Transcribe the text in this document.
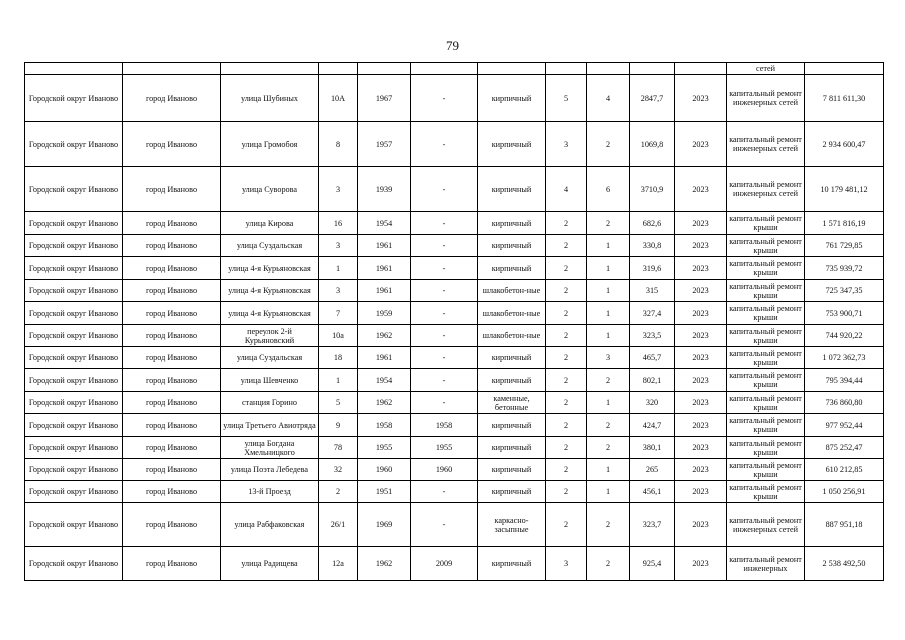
79
											сетей	
Городской округ Иваново	город Иваново	улица Шубиных	10А	1967	-	кирпичный	5	4	2847,7	2023	капитальный ремонт инженерных сетей	7 811 611,30
Городской округ Иваново	город Иваново	улица Громобоя	8	1957	-	кирпичный	3	2	1069,8	2023	капитальный ремонт инженерных сетей	2 934 600,47
Городской округ Иваново	город Иваново	улица Суворова	3	1939	-	кирпичный	4	6	3710,9	2023	капитальный ремонт инженерных сетей	10 179 481,12
Городской округ Иваново	город Иваново	улица Кирова	16	1954	-	кирпичный	2	2	682,6	2023	капитальный ремонт крыши	1 571 816,19
Городской округ Иваново	город Иваново	улица Суздальская	3	1961	-	кирпичный	2	1	330,8	2023	капитальный ремонт крыши	761 729,85
Городской округ Иваново	город Иваново	улица 4-я Курьяновская	1	1961	-	кирпичный	2	1	319,6	2023	капитальный ремонт крыши	735 939,72
Городской округ Иваново	город Иваново	улица 4-я Курьяновская	3	1961	-	шлакобетон-ные	2	1	315	2023	капитальный ремонт крыши	725 347,35
Городской округ Иваново	город Иваново	улица 4-я Курьяновская	7	1959	-	шлакобетон-ные	2	1	327,4	2023	капитальный ремонт крыши	753 900,71
Городской округ Иваново	город Иваново	переулок 2-й Курьяновский	10а	1962	-	шлакобетон-ные	2	1	323,5	2023	капитальный ремонт крыши	744 920,22
Городской округ Иваново	город Иваново	улица Суздальская	18	1961	-	кирпичный	2	3	465,7	2023	капитальный ремонт крыши	1 072 362,73
Городской округ Иваново	город Иваново	улица Шевченко	1	1954	-	кирпичный	2	2	802,1	2023	капитальный ремонт крыши	795 394,44
Городской округ Иваново	город Иваново	станция Горино	5	1962	-	каменные, бетонные	2	1	320	2023	капитальный ремонт крыши	736 860,80
Городской округ Иваново	город Иваново	улица Третьего Авиотряда	9	1958	1958	кирпичный	2	2	424,7	2023	капитальный ремонт крыши	977 952,44
Городской округ Иваново	город Иваново	улица Богдана Хмельницкого	78	1955	1955	кирпичный	2	2	380,1	2023	капитальный ремонт крыши	875 252,47
Городской округ Иваново	город Иваново	улица Поэта Лебедева	32	1960	1960	кирпичный	2	1	265	2023	капитальный ремонт крыши	610 212,85
Городской округ Иваново	город Иваново	13-й Проезд	2	1951	-	кирпичный	2	1	456,1	2023	капитальный ремонт крыши	1 050 256,91
Городской округ Иваново	город Иваново	улица Рабфаковская	26/1	1969	-	каркасно-засыпные	2	2	323,7	2023	капитальный ремонт инженерных сетей	887 951,18
Городской округ Иваново	город Иваново	улица Радищева	12а	1962	2009	кирпичный	3	2	925,4	2023	капитальный ремонт инженерных	2 538 492,50
